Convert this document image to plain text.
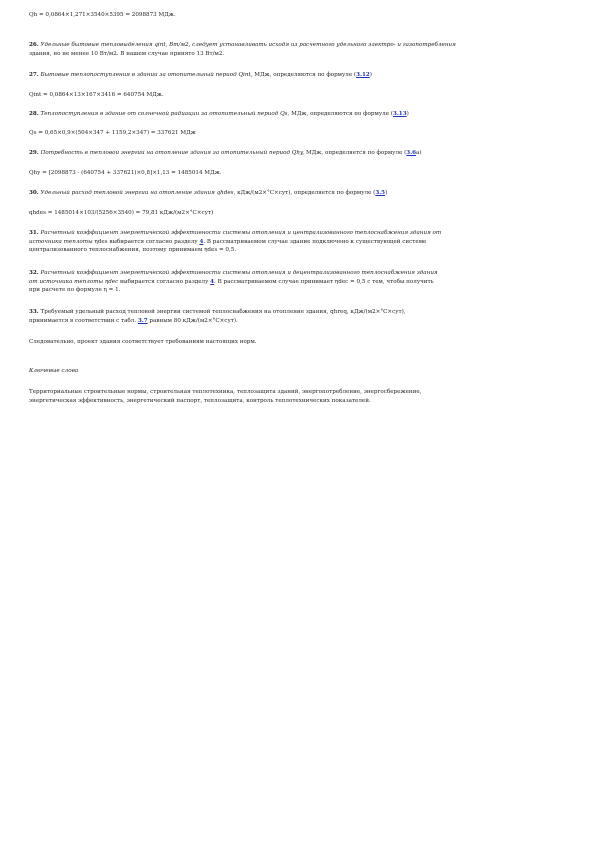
Qh = 0,0864×1,271×3540×5395 = 2098873 МДж.

26. Удельные бытовые тепловыделения qint, Вт/м2, следует устанавливать исходя из расчетного удельного электро- и газопотребления

здания, но не менее 10 Вт/м2. В нашем случае принято 13 Вт/м2.

27. Бытовые теплопоступления в здании за отопительный период Qint, МДж, определяются по формуле (3.12)

Qint = 0,0864×13×167×3416 = 640754 МДж.

28. Теплопоступления в здание от солнечной радиации за отопительный период Qs, МДж, определяются по формуле (3.13)

Qs = 0,65×0,9×(504×347 + 1159,2×347) = 337621 МДж

29. Потребность в тепловой энергии на отопление здания за отопительный период Qhy, МДж, определяется по формуле (3.6а)

Qhy = [2098873 - (640754 + 337621)×0,8]×1,13 = 1485014 МДж.

30. Удельный расход тепловой энергии на отопление здания qhdes, кДж/(м2×°С×сут), определяется по формуле (3.5)

qhdes = 1485014×103/(5256×3540) = 79,81 кДж/(м2×°С×сут)

31. Расчетный коэффициент энергетической эффективности системы отопления и централизованного теплоснабжения здания от

источника теплоты ηdes выбирается согласно разделу 4. В рассматриваемом случае здание подключено к существующей системе

централизованного теплоснабжения, поэтому принимаем ηdes = 0,5.

32. Расчетный коэффициент энергетической эффективности системы отопления и децентрализованного теплоснабжения здания

от источника теплоты ηdec выбирается согласно разделу 4. В рассматриваемом случае принимает ηdec = 0,5 с тем, чтобы получить

при расчете по формуле η = 1.

33. Требуемый удельный расход тепловой энергии системой теплоснабжения на отопление здания, qhreq, кДж/(м2×°С×сут),

принимается в соответствии с табл. 3.7 равным 80 кДж/(м2×°С×сут).

Следовательно, проект здания соответствует требованиям настоящих норм.

Ключевые слова

Территориальные строительные нормы, строительная теплотехника, теплозащита зданий, энергопотребление, энергосбережение,

энергетическая эффективность, энергетический паспорт, теплозащита, контроль теплотехнических показателей.
